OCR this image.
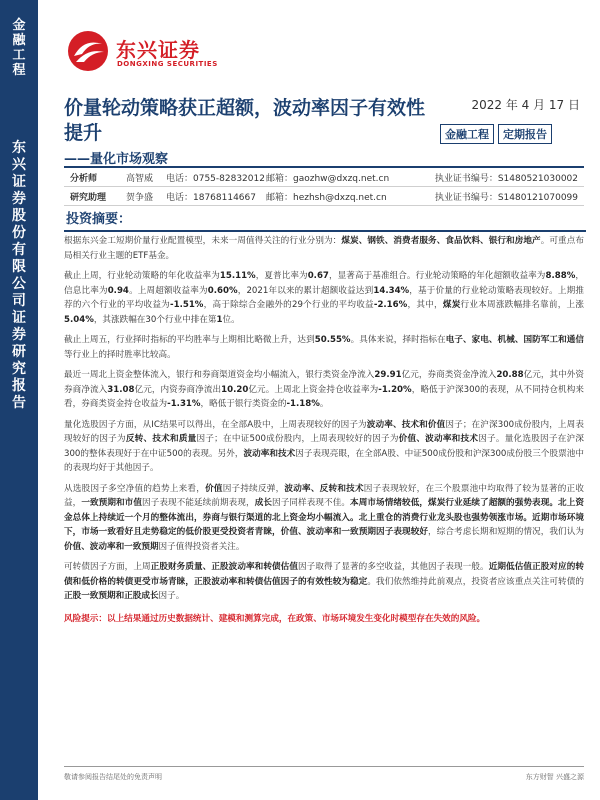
金
融
工
程
东
兴
证
券
股
份
有
限
公
司
证
券
研
究
报
告
东兴证券
DONGXING SECURITIES
价量轮动策略获正超额，波动率因子有效性提升
——量化市场观察
2022 年 4 月 17 日
金融工程	定期报告
分析师	高智威	电话：0755-82832012 邮箱：gaozhw@dxzq.net.cn	执业证书编号：S1480521030002
研究助理	贺争盛	电话：18768114667	邮箱：hezhsh@dxzq.net.cn	执业证书编号：S1480121070099
投资摘要：

根据东兴金工短期价量行业配置模型，未来一周值得关注的行业分别为：煤炭、钢铁、消费者服务、食品饮料、银行和房地产。可重点布局相关行业主题的ETF基金。

截止上周，行业轮动策略的年化收益率为15.11%，夏普比率为0.67，显著高于基准组合。行业轮动策略的年化超额收益率为8.88%，信息比率为0.94。上周超额收益率为0.60%，2021年以来的累计超额收益达到14.34%，基于价量的行业轮动策略表现较好。上期推荐的六个行业的平均收益为-1.51%，高于除综合金融外的29个行业的平均收益-2.16%，其中，煤炭行业本周涨跌幅排名靠前，上涨5.04%，其涨跌幅在30个行业中排在第1位。

截止上周五，行业择时指标的平均胜率与上期相比略微上升，达到50.55%。具体来说，择时指标在电子、家电、机械、国防军工和通信等行业上的择时胜率比较高。

最近一周北上资金整体流入，银行和券商渠道资金均小幅流入，银行类资金净流入29.91亿元，券商类资金净流入20.88亿元，其中外资券商净流入31.08亿元，内资券商净流出10.20亿元。上周北上资金持仓收益率为-1.20%，略低于沪深300的表现，从不同持仓机构来看，券商类资金持仓收益为-1.31%，略低于银行类资金的-1.18%。

量化选股因子方面，从IC结果可以得出，在全部A股中，上周表现较好的因子为波动率、技术和价值因子；在沪深300成份股内，上周表现较好的因子为反转、技术和质量因子；在中证500成份股内，上周表现较好的因子为价值、波动率和技术因子。量化选股因子在沪深300的整体表现好于在中证500的表现。另外，波动率和技术因子表现亮眼，在全部A股、中证500成份股和沪深300成份股三个股票池中的表现均好于其他因子。

从选股因子多空净值的趋势上来看，价值因子持续反弹，波动率、反转和技术因子表现较好，在三个股票池中均取得了较为显著的正收益，一致预期和市值因子表现不能延续前期表现，成长因子同样表现不佳。本周市场情绪较低，煤炭行业延续了超额的强势表现。北上资金总体上持续近一个月的整体流出，券商与银行渠道的北上资金均小幅流入。北上重仓的消费行业龙头股也强势领涨市场。近期市场环境下，市场一致看好且走势稳定的低价股更受投资者青睐，价值、波动率和一致预期因子表现较好，综合考虑长期和短期的情况，我们认为价值、波动率和一致预期因子值得投资者关注。

可转债因子方面，上周正股财务质量、正股波动率和转债估值因子取得了显著的多空收益，其他因子表现一般。近期低估值正股对应的转债和低价格的转债更受市场青睐，正股波动率和转债估值因子的有效性较为稳定。我们依然维持此前观点，投资者应该重点关注可转债的正股一致预期和正股成长因子。

风险提示：以上结果通过历史数据统计、建模和测算完成，在政策、市场环境发生变化时模型存在失效的风险。
敬请参阅报告结尾处的免责声明	东方财智 兴盛之源
